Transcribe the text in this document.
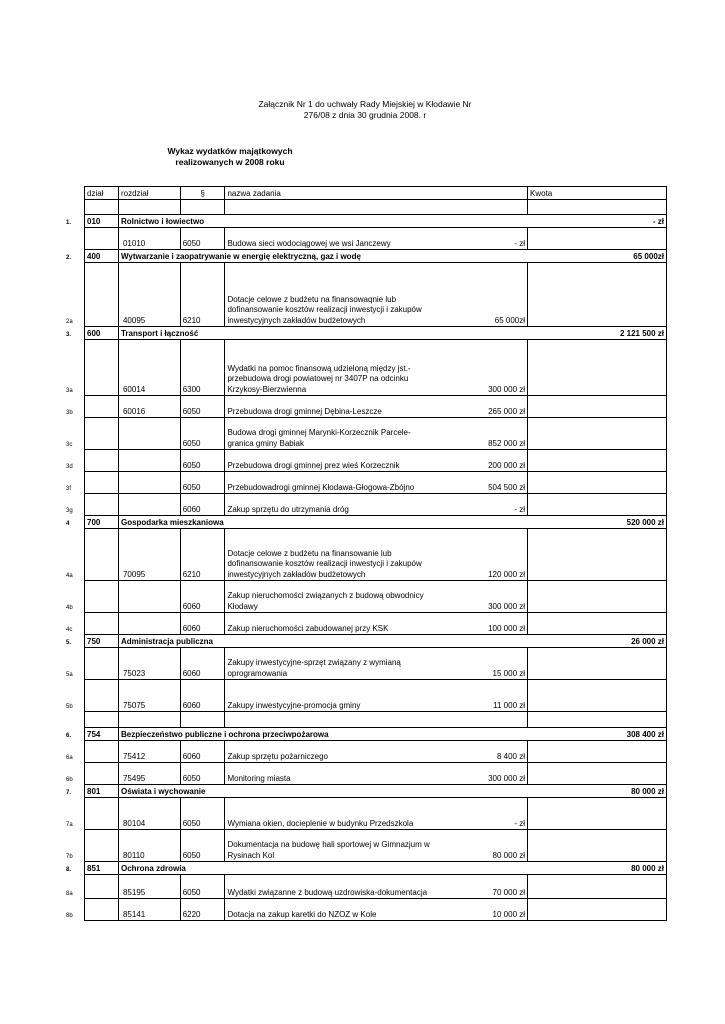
Załącznik Nr 1 do uchwały Rady Miejskiej w Kłodawie Nr
276/08 z dnia 30 grudnia 2008. r
Wykaz wydatków majątkowych
realizowanych w 2008 roku
	dział	rozdział	§	nazwa zadania		Kwota

1.	010	Rolnictwo i łowiectwo				- zł
		01010	6050	Budowa sieci wodociągowej we wsi Janczewy	- zł	
2.	400	Wytwarzanie i zaopatrywanie w energię elektryczną, gaz i wodę				65 000zł
2a		40095	6210	Dotacje celowe z budżetu na finansowaqnie lub dofinansowanie kosztów realizacji inwestycji i zakupów inwestycyjnych zakładów budżetowych	65 000zł	
3.	600	Transport i łączność				2 121 500 zł
3a		60014	6300	Wydatki na pomoc finansową udzieloną między jst.-przebudowa drogi powiatowej nr 3407P na odcinku Krzykosy-Bierzwienna	300 000 zł	
3b		60016	6050	Przebudowa drogi gminnej Dębina-Leszcze	265 000 zł	
3c			6050	Budowa drogi gminnej Marynki-Korzecznik Parcele-granica gminy Babiak	852 000 zł	
3d			6050	Przebudowa drogi gminnej prez wieś Korzecznik	200 000 zł	
3f			6050	Przebudowadrogi gminnej Kłodawa-Głogowa-Zbójno	504 500 zł	
3g			6060	Zakup sprzętu do utrzymania dróg	- zł	
4	700	Gospodarka mieszkaniowa				520 000 zł
4a		70095	6210	Dotacje celowe z budżetu na finansowanie lub dofinansowanie kosztów realizacji inwestycji i zakupów inwestycyjnych zakładów budżetowych	120 000 zł	
4b			6060	Zakup nieruchomości związanych z budową obwodnicy Kłodawy	300 000 zł	
4c			6060	Zakup nieruchomości zabudowanej przy KSK	100 000 zł	
5.	750	Administracja publiczna				26 000 zł
5a		75023	6060	Zakupy inwestycyjne-sprzęt związany z wymianą oprogramowania	15 000 zł	
5b		75075	6060	Zakupy inwestycyjne-promocja gminy	11 000 zł	

6.	754	Bezpieczeństwo publiczne i ochrona przeciwpożarowa				308 400 zł
6a		75412	6060	Zakup sprzętu pożarniczego	8 400 zł	
6b		75495	6050	Monitoring miasta	300 000 zł	
7.	801	Oświata i wychowanie				80 000 zł
7a		80104	6050	Wymiana okien, docieplenie w budynku Przedszkola	- zł	
7b		80110	6050	Dokumentacja na budowę hali sportowej w Gimnazjum w Rysinach Kol	80 000 zł	
8.	851	Ochrona zdrowia				80 000 zł
8a		85195	6050	Wydatki związanne z budową uzdrowiska-dokumentacja	70 000 zł	
8b		85141	6220	Dotacja na zakup karetki do NZOZ w Kole	10 000 zł	
